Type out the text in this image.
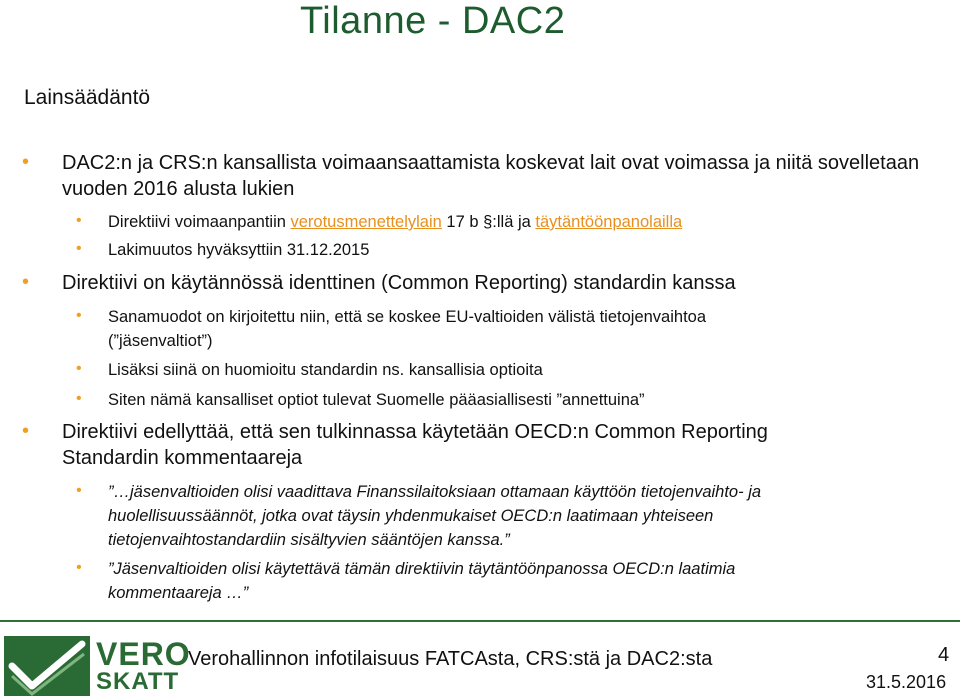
Tilanne - DAC2
Lainsäädäntö
• DAC2:n ja CRS:n kansallista voimaansaattamista koskevat lait ovat voimassa ja niitä sovelletaan vuoden 2016 alusta lukien
• Direktiivi voimaanpantiin verotusmenettelylain 17 b §:llä ja täytäntöönpanolailla
• Lakimuutos hyväksyttiin 31.12.2015
• Direktiivi on käytännössä identtinen (Common Reporting) standardin kanssa
• Sanamuodot on kirjoitettu niin, että se koskee EU-valtioiden välistä tietojenvaihtoa
(”jäsenvaltiot”)
• Lisäksi siinä on huomioitu standardin ns. kansallisia optioita
• Siten nämä kansalliset optiot tulevat Suomelle pääasiallisesti ”annettuina”
• Direktiivi edellyttää, että sen tulkinnassa käytetään OECD:n Common Reporting
Standardin kommentaareja
• ”…jäsenvaltioiden olisi vaadittava Finanssilaitoksiaan ottamaan käyttöön tietojenvaihto- ja
huolellisuussäännöt, jotka ovat täysin yhdenmukaiset OECD:n laatimaan yhteiseen
tietojenvaihtostandardiin sisältyvien sääntöjen kanssa.”
• ”Jäsenvaltioiden olisi käytettävä tämän direktiivin täytäntöönpanossa OECD:n laatimia
kommentaareja …”
VERO
SKATT
Verohallinnon infotilaisuus FATCAsta, CRS:stä ja DAC2:sta	4
31.5.2016
